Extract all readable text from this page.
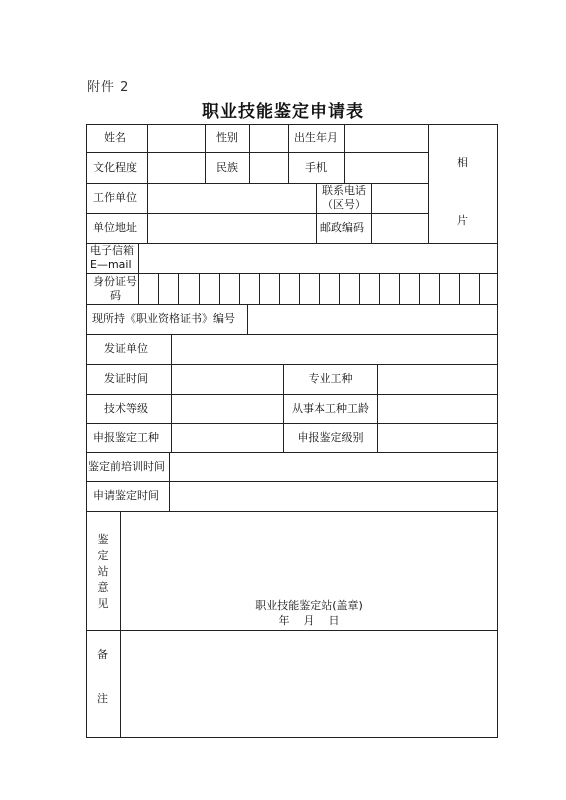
附件 2
职业技能鉴定申请表
姓名	性别	出生年月
相
片
文化程度	民族	手机
工作单位
联系电话
（区号）
单位地址	邮政编码
电子信箱
E—mail
身份证号
码
现所持《职业资格证书》编号
发证单位
发证时间	专业工种
技术等级	从事本工种工龄
申报鉴定工种	申报鉴定级别
鉴定前培训时间
申请鉴定时间
鉴定站意见	职业技能鉴定站(盖章)
年    月    日
备
注
